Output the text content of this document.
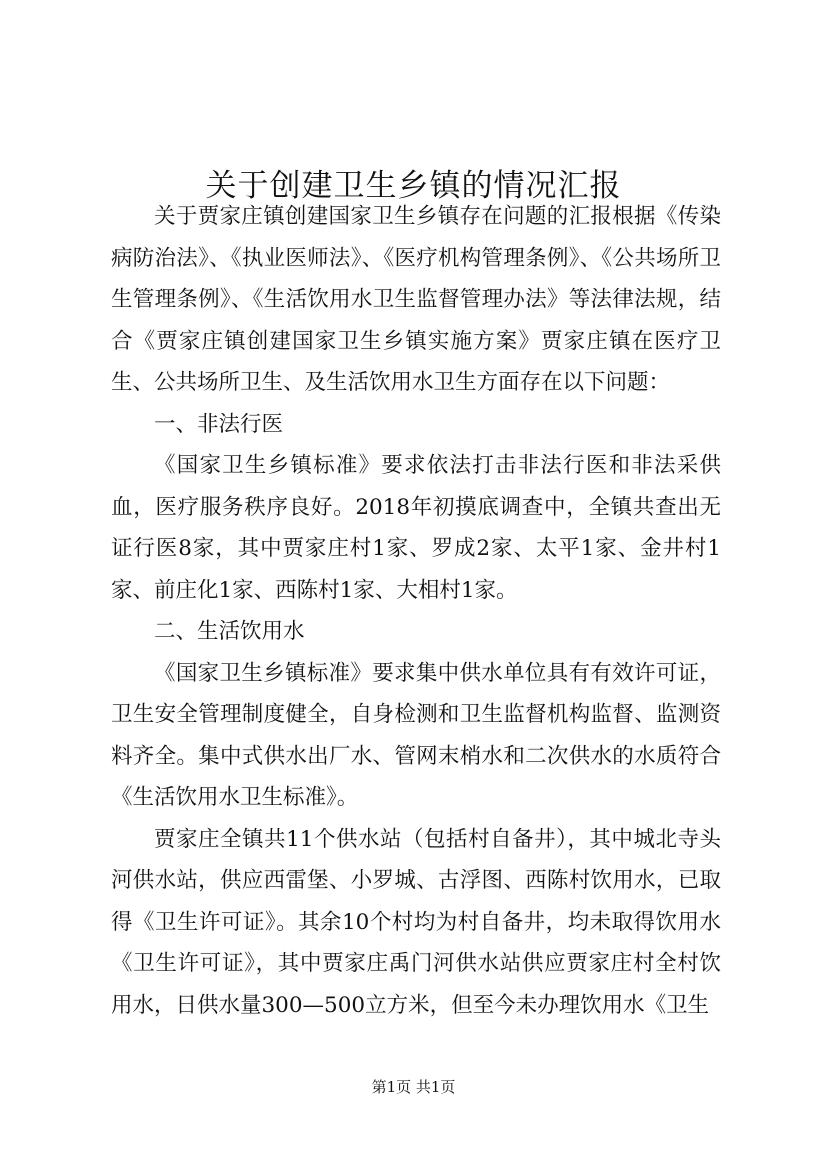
关于创建卫生乡镇的情况汇报

关于贾家庄镇创建国家卫生乡镇存在问题的汇报根据《传染病防治法》、《执业医师法》、《医疗机构管理条例》、《公共场所卫生管理条例》、《生活饮用水卫生监督管理办法》等法律法规，结合《贾家庄镇创建国家卫生乡镇实施方案》贾家庄镇在医疗卫生、公共场所卫生、及生活饮用水卫生方面存在以下问题：

一、非法行医

《国家卫生乡镇标准》要求依法打击非法行医和非法采供血，医疗服务秩序良好。2018年初摸底调查中，全镇共查出无证行医8家，其中贾家庄村1家、罗成2家、太平1家、金井村1家、前庄化1家、西陈村1家、大相村1家。

二、生活饮用水

《国家卫生乡镇标准》要求集中供水单位具有有效许可证，卫生安全管理制度健全，自身检测和卫生监督机构监督、监测资料齐全。集中式供水出厂水、管网末梢水和二次供水的水质符合《生活饮用水卫生标准》。

贾家庄全镇共11个供水站（包括村自备井），其中城北寺头河供水站，供应西雷堡、小罗城、古浮图、西陈村饮用水，已取得《卫生许可证》。其余10个村均为村自备井，均未取得饮用水《卫生许可证》，其中贾家庄禹门河供水站供应贾家庄村全村饮用水，日供水量300—500立方米，但至今未办理饮用水《卫生

第1页 共1页
